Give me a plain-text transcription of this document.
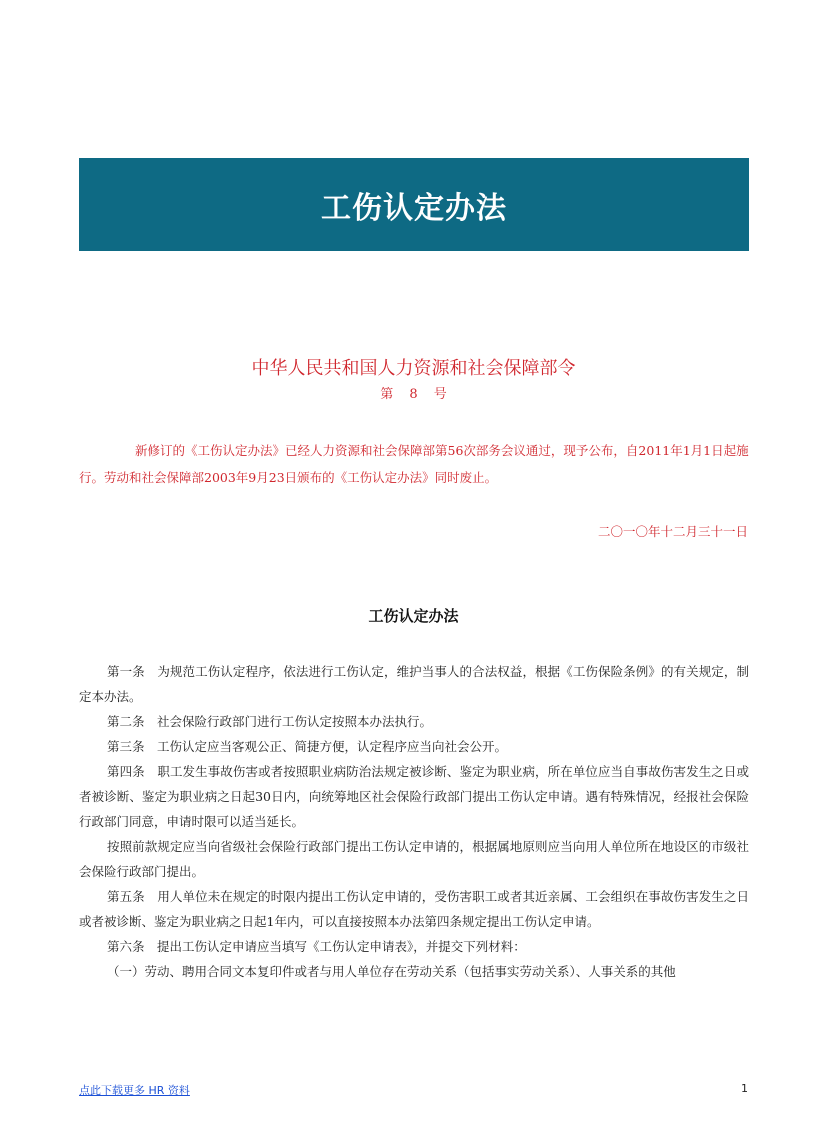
工伤认定办法
中华人民共和国人力资源和社会保障部令
第 8 号

新修订的《工伤认定办法》已经人力资源和社会保障部第56次部务会议通过，现予公布，自2011年1月1日起施行。劳动和社会保障部2003年9月23日颁布的《工伤认定办法》同时废止。

二〇一〇年十二月三十一日
工伤认定办法

第一条　为规范工伤认定程序，依法进行工伤认定，维护当事人的合法权益，根据《工伤保险条例》的有关规定，制定本办法。

第二条　社会保险行政部门进行工伤认定按照本办法执行。

第三条　工伤认定应当客观公正、简捷方便，认定程序应当向社会公开。

第四条　职工发生事故伤害或者按照职业病防治法规定被诊断、鉴定为职业病，所在单位应当自事故伤害发生之日或者被诊断、鉴定为职业病之日起30日内，向统筹地区社会保险行政部门提出工伤认定申请。遇有特殊情况，经报社会保险行政部门同意，申请时限可以适当延长。

按照前款规定应当向省级社会保险行政部门提出工伤认定申请的，根据属地原则应当向用人单位所在地设区的市级社会保险行政部门提出。

第五条　用人单位未在规定的时限内提出工伤认定申请的，受伤害职工或者其近亲属、工会组织在事故伤害发生之日或者被诊断、鉴定为职业病之日起1年内，可以直接按照本办法第四条规定提出工伤认定申请。

第六条　提出工伤认定申请应当填写《工伤认定申请表》，并提交下列材料：

（一）劳动、聘用合同文本复印件或者与用人单位存在劳动关系（包括事实劳动关系）、人事关系的其他

点此下载更多 HR 资料	1
